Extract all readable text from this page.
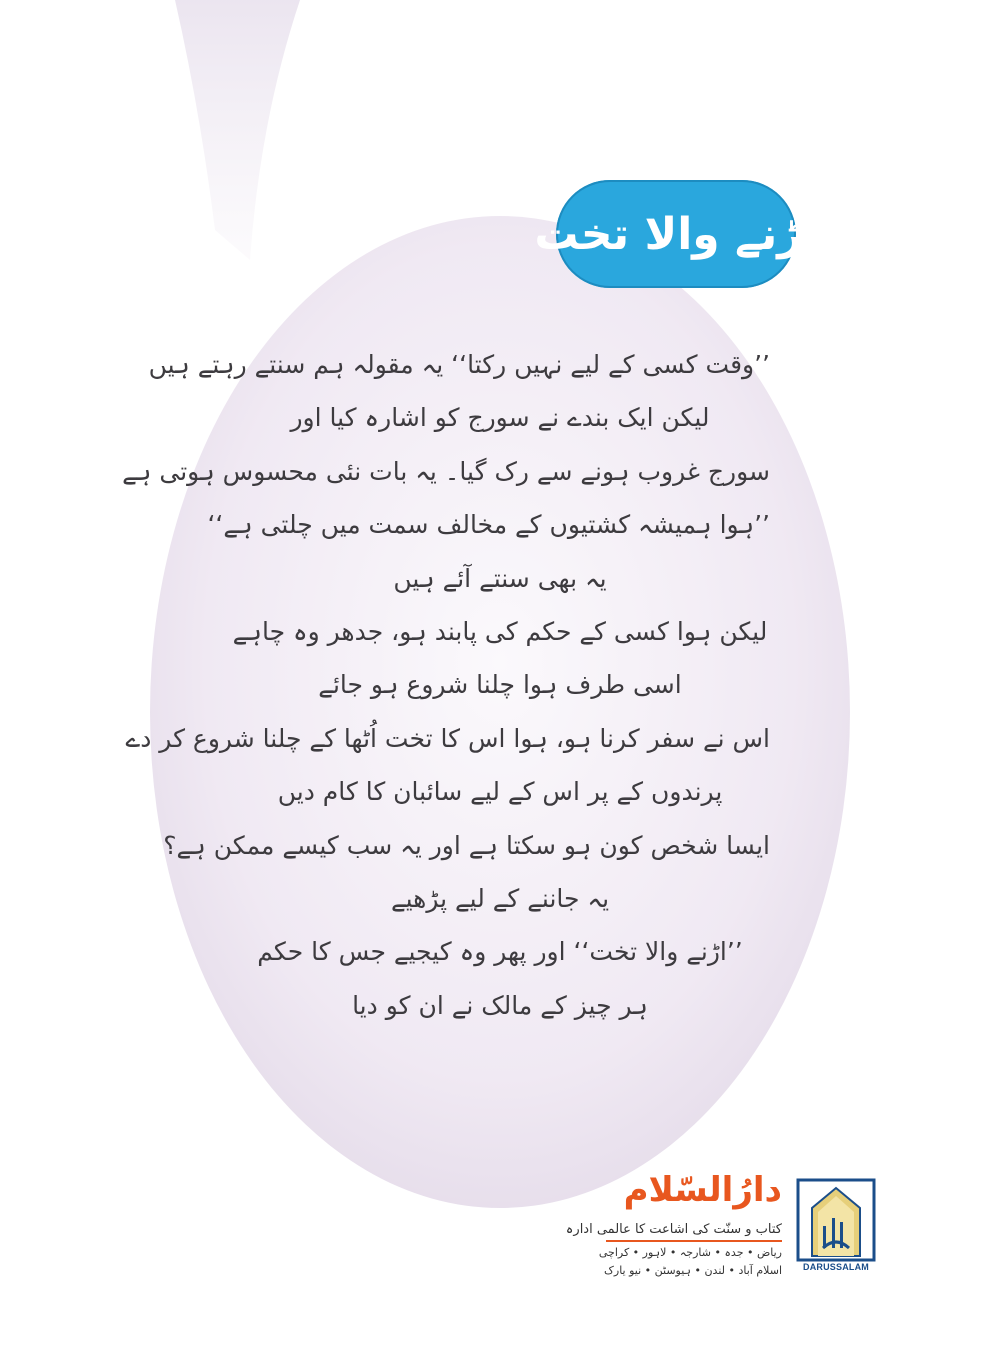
اُڑنے والا تخت
’’وقت کسی کے لیے نہیں رکتا‘‘ یہ مقولہ ہم سنتے رہتے ہیں
لیکن ایک بندے نے سورج کو اشارہ کیا اور
سورج غروب ہونے سے رک گیا۔ یہ بات نئی محسوس ہوتی ہے
’’ہوا ہمیشہ کشتیوں کے مخالف سمت میں چلتی ہے‘‘
یہ بھی سنتے آئے ہیں
لیکن ہوا کسی کے حکم کی پابند ہو، جدھر وہ چاہے
اسی طرف ہوا چلنا شروع ہو جائے
اس نے سفر کرنا ہو، ہوا اس کا تخت اُٹھا کے چلنا شروع کر دے
پرندوں کے پر اس کے لیے سائبان کا کام دیں
ایسا شخص کون ہو سکتا ہے اور یہ سب کیسے ممکن ہے؟
یہ جاننے کے لیے پڑھیے
’’اڑنے والا تخت‘‘ اور پھر وہ کیجیے جس کا حکم
ہر چیز کے مالک نے ان کو دیا
دارُالسّلام
کتاب و سنّت کی اشاعت کا عالمی ادارہ
ریاض • جدہ • شارجہ • لاہور • کراچی
اسلام آباد • لندن • ہیوسٹن • نیو یارک	DARUSSALAM
